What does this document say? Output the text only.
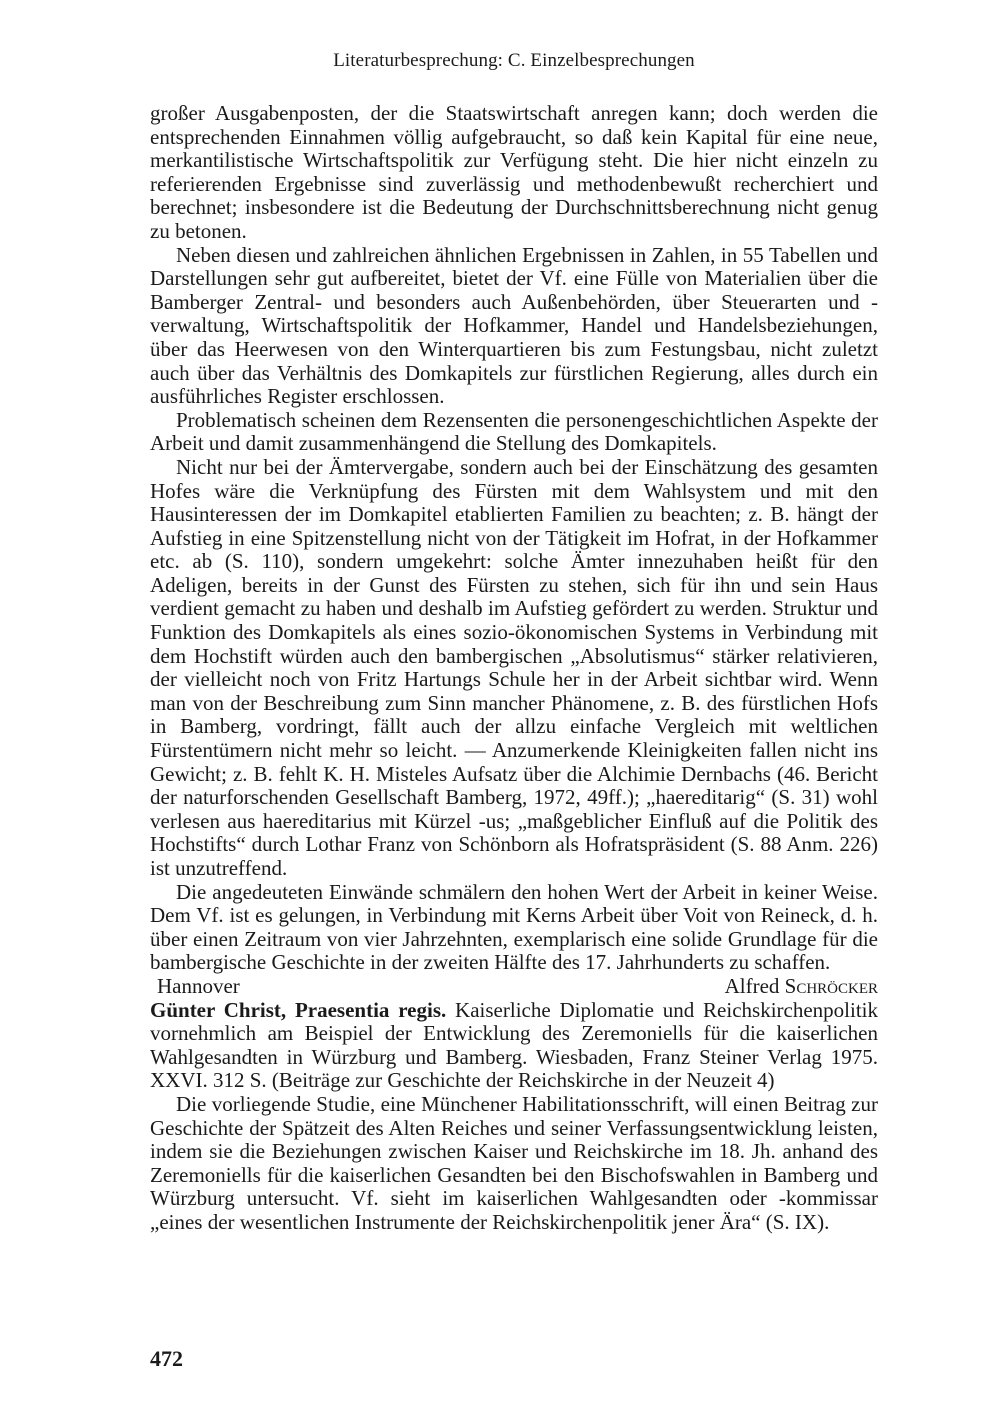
Literaturbesprechung: C. Einzelbesprechungen

großer Ausgabenposten, der die Staatswirtschaft anregen kann; doch werden die entsprechenden Einnahmen völlig aufgebraucht, so daß kein Kapital für eine neue, merkantilistische Wirtschaftspolitik zur Verfügung steht. Die hier nicht einzeln zu referierenden Ergebnisse sind zuverlässig und methodenbewußt recherchiert und berechnet; insbesondere ist die Bedeutung der Durchschnittsberechnung nicht genug zu betonen.

Neben diesen und zahlreichen ähnlichen Ergebnissen in Zahlen, in 55 Tabellen und Darstellungen sehr gut aufbereitet, bietet der Vf. eine Fülle von Materialien über die Bamberger Zentral- und besonders auch Außenbehörden, über Steuerarten und -verwaltung, Wirtschaftspolitik der Hofkammer, Handel und Handelsbeziehungen, über das Heerwesen von den Winterquartieren bis zum Festungsbau, nicht zuletzt auch über das Verhältnis des Domkapitels zur fürstlichen Regierung, alles durch ein ausführliches Register erschlossen.

Problematisch scheinen dem Rezensenten die personengeschichtlichen Aspekte der Arbeit und damit zusammenhängend die Stellung des Domkapitels.

Nicht nur bei der Ämtervergabe, sondern auch bei der Einschätzung des gesamten Hofes wäre die Verknüpfung des Fürsten mit dem Wahlsystem und mit den Hausinteressen der im Domkapitel etablierten Familien zu beachten; z. B. hängt der Aufstieg in eine Spitzenstellung nicht von der Tätigkeit im Hofrat, in der Hofkammer etc. ab (S. 110), sondern umgekehrt: solche Ämter innezuhaben heißt für den Adeligen, bereits in der Gunst des Fürsten zu stehen, sich für ihn und sein Haus verdient gemacht zu haben und deshalb im Aufstieg gefördert zu werden. Struktur und Funktion des Domkapitels als eines sozio-ökonomischen Systems in Verbindung mit dem Hochstift würden auch den bambergischen „Absolutismus“ stärker relativieren, der vielleicht noch von Fritz Hartungs Schule her in der Arbeit sichtbar wird. Wenn man von der Beschreibung zum Sinn mancher Phänomene, z. B. des fürstlichen Hofs in Bamberg, vordringt, fällt auch der allzu einfache Vergleich mit weltlichen Fürstentümern nicht mehr so leicht. — Anzumerkende Kleinigkeiten fallen nicht ins Gewicht; z. B. fehlt K. H. Misteles Aufsatz über die Alchimie Dernbachs (46. Bericht der naturforschenden Gesellschaft Bamberg, 1972, 49ff.); „haereditarig“ (S. 31) wohl verlesen aus haereditarius mit Kürzel -us; „maßgeblicher Einfluß auf die Politik des Hochstifts“ durch Lothar Franz von Schönborn als Hofratspräsident (S. 88 Anm. 226) ist unzutreffend.

Die angedeuteten Einwände schmälern den hohen Wert der Arbeit in keiner Weise. Dem Vf. ist es gelungen, in Verbindung mit Kerns Arbeit über Voit von Reineck, d. h. über einen Zeitraum von vier Jahrzehnten, exemplarisch eine solide Grundlage für die bambergische Geschichte in der zweiten Hälfte des 17. Jahrhunderts zu schaffen.

Hannover	Alfred Schröcker

Günter Christ, Praesentia regis. Kaiserliche Diplomatie und Reichskirchenpolitik vornehmlich am Beispiel der Entwicklung des Zeremoniells für die kaiserlichen Wahlgesandten in Würzburg und Bamberg. Wiesbaden, Franz Steiner Verlag 1975. XXVI. 312 S. (Beiträge zur Geschichte der Reichskirche in der Neuzeit 4)

Die vorliegende Studie, eine Münchener Habilitationsschrift, will einen Beitrag zur Geschichte der Spätzeit des Alten Reiches und seiner Verfassungsentwicklung leisten, indem sie die Beziehungen zwischen Kaiser und Reichskirche im 18. Jh. anhand des Zeremoniells für die kaiserlichen Gesandten bei den Bischofswahlen in Bamberg und Würzburg untersucht. Vf. sieht im kaiserlichen Wahlgesandten oder -kommissar „eines der wesentlichen Instrumente der Reichskirchenpolitik jener Ära“ (S. IX).

472
